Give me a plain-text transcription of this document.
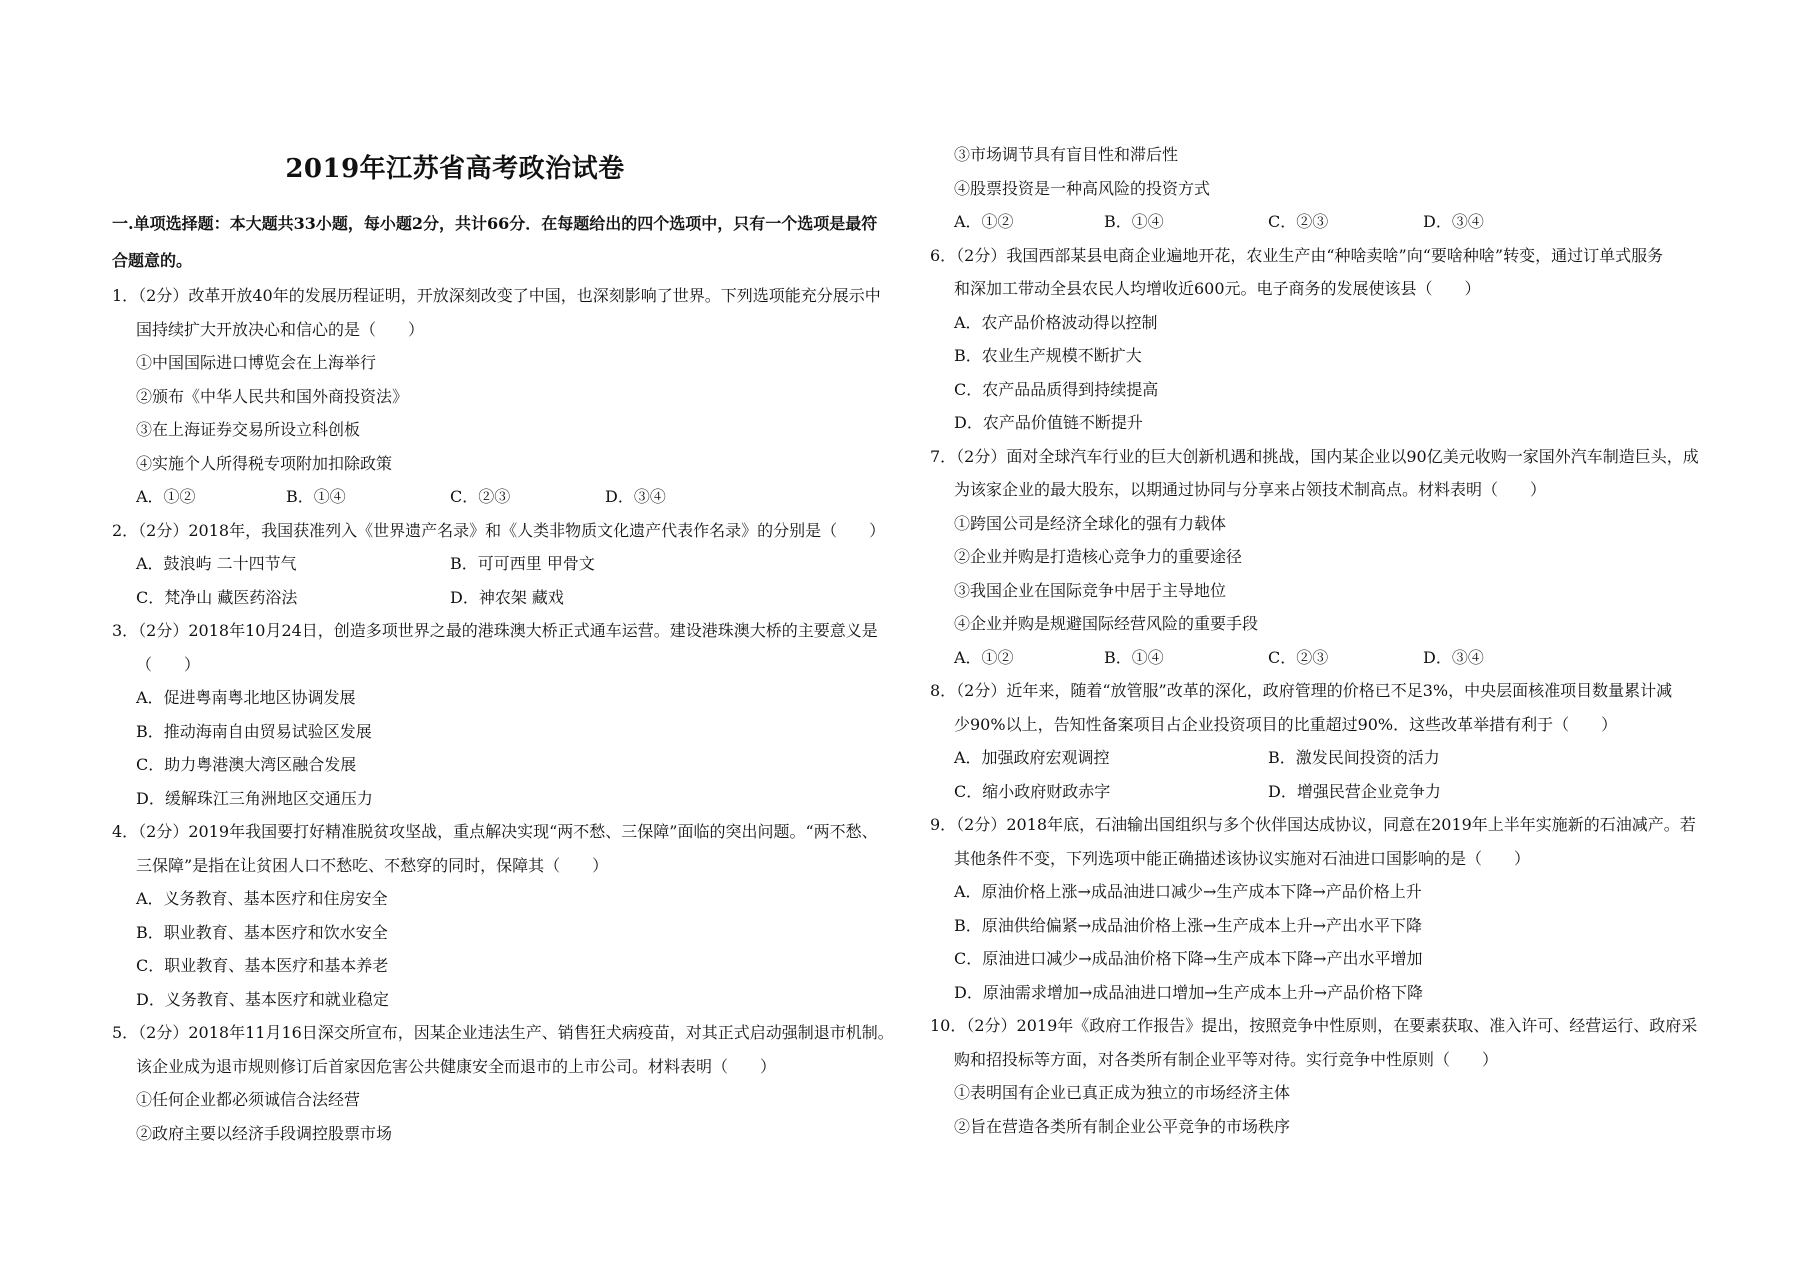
2019年江苏省高考政治试卷
一.单项选择题：本大题共33小题，每小题2分，共计66分．在每题给出的四个选项中，只有一个选项是最符
合题意的。
1．（2分）改革开放40年的发展历程证明，开放深刻改变了中国，也深刻影响了世界。下列选项能充分展示中
国持续扩大开放决心和信心的是（　　）
①中国国际进口博览会在上海举行
②颁布《中华人民共和国外商投资法》
③在上海证券交易所设立科创板
④实施个人所得税专项附加扣除政策
A．①②	B．①④	C．②③	D．③④
2．（2分）2018年，我国获准列入《世界遗产名录》和《人类非物质文化遗产代表作名录》的分别是（　　）
A．鼓浪屿 二十四节气	B．可可西里 甲骨文
C．梵净山 藏医药浴法	D．神农架 藏戏
3．（2分）2018年10月24日，创造多项世界之最的港珠澳大桥正式通车运营。建设港珠澳大桥的主要意义是
（　　）
A．促进粤南粤北地区协调发展
B．推动海南自由贸易试验区发展
C．助力粤港澳大湾区融合发展
D．缓解珠江三角洲地区交通压力
4．（2分）2019年我国要打好精准脱贫攻坚战，重点解决实现“两不愁、三保障”面临的突出问题。“两不愁、
三保障”是指在让贫困人口不愁吃、不愁穿的同时，保障其（　　）
A．义务教育、基本医疗和住房安全
B．职业教育、基本医疗和饮水安全
C．职业教育、基本医疗和基本养老
D．义务教育、基本医疗和就业稳定
5．（2分）2018年11月16日深交所宣布，因某企业违法生产、销售狂犬病疫苗，对其正式启动强制退市机制。
该企业成为退市规则修订后首家因危害公共健康安全而退市的上市公司。材料表明（　　）
①任何企业都必须诚信合法经营
②政府主要以经济手段调控股票市场
③市场调节具有盲目性和滞后性
④股票投资是一种高风险的投资方式
A．①②	B．①④	C．②③	D．③④
6．（2分）我国西部某县电商企业遍地开花，农业生产由“种啥卖啥”向“要啥种啥”转变，通过订单式服务
和深加工带动全县农民人均增收近600元。电子商务的发展使该县（　　）
A．农产品价格波动得以控制
B．农业生产规模不断扩大
C．农产品品质得到持续提高
D．农产品价值链不断提升
7．（2分）面对全球汽车行业的巨大创新机遇和挑战，国内某企业以90亿美元收购一家国外汽车制造巨头，成
为该家企业的最大股东，以期通过协同与分享来占领技术制高点。材料表明（　　）
①跨国公司是经济全球化的强有力载体
②企业并购是打造核心竞争力的重要途径
③我国企业在国际竞争中居于主导地位
④企业并购是规避国际经营风险的重要手段
A．①②	B．①④	C．②③	D．③④
8．（2分）近年来，随着“放管服”改革的深化，政府管理的价格已不足3%，中央层面核准项目数量累计减
少90%以上，告知性备案项目占企业投资项目的比重超过90%．这些改革举措有利于（　　）
A．加强政府宏观调控	B．激发民间投资的活力
C．缩小政府财政赤字	D．增强民营企业竞争力
9．（2分）2018年底，石油输出国组织与多个伙伴国达成协议，同意在2019年上半年实施新的石油减产。若
其他条件不变，下列选项中能正确描述该协议实施对石油进口国影响的是（　　）
A．原油价格上涨→成品油进口减少→生产成本下降→产品价格上升
B．原油供给偏紧→成品油价格上涨→生产成本上升→产出水平下降
C．原油进口减少→成品油价格下降→生产成本下降→产出水平增加
D．原油需求增加→成品油进口增加→生产成本上升→产品价格下降
10．（2分）2019年《政府工作报告》提出，按照竞争中性原则，在要素获取、准入许可、经营运行、政府采
购和招投标等方面，对各类所有制企业平等对待。实行竞争中性原则（　　）
①表明国有企业已真正成为独立的市场经济主体
②旨在营造各类所有制企业公平竞争的市场秩序
